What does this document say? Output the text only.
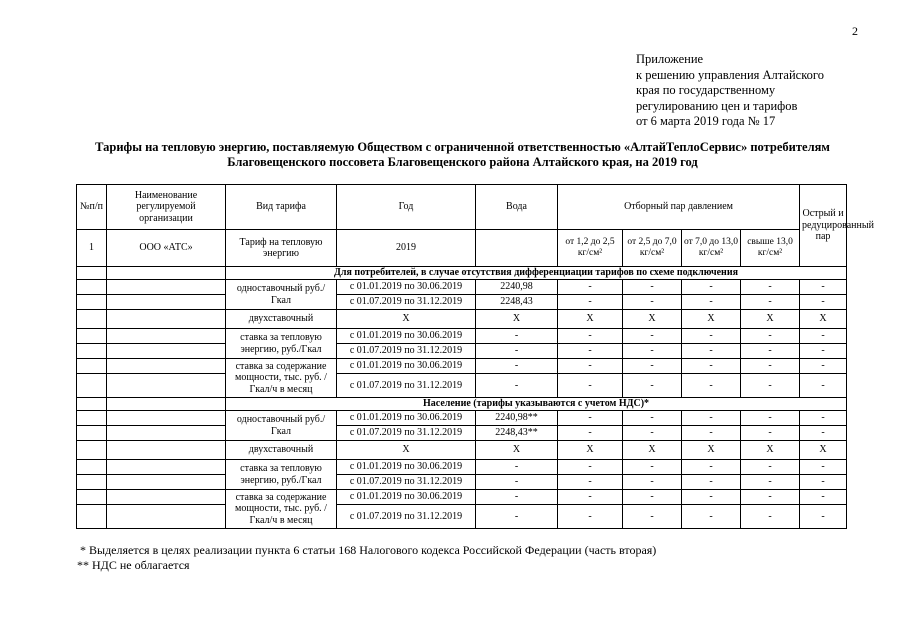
2
Приложение
к решению управления Алтайского
края по государственному
регулированию цен и тарифов
от 6 марта 2019 года № 17
Тарифы на тепловую энергию, поставляемую Обществом с ограниченной ответственностью «АлтайТеплоСервис» потребителям
Благовещенского поссовета Благовещенского района Алтайского края, на 2019 год
№п/п	Наименование регулируемой организации	Вид тарифа	Год	Вода	Отборный пар давлением				Острый и редуцированный пар
1	ООО «АТС»	Тариф на тепловую энергию	2019		от 1,2 до 2,5 кг/см²	от 2,5 до 7,0 кг/см²	от 7,0 до 13,0 кг/см²	свыше 13,0 кг/см²	
		Для потребителей, в случае отсутствия дифференциации тарифов по схеме подключения							
		одноставочный руб./Гкал	с 01.01.2019 по 30.06.2019	2240,98	-	-	-	-	-
			с 01.07.2019 по 31.12.2019	2248,43	-	-	-	-	-
		двухставочный	X	X	X	X	X	X	X
		ставка за тепловую энергию, руб./Гкал	с 01.01.2019 по 30.06.2019	-	-	-	-	-	-
			с 01.07.2019 по 31.12.2019	-	-	-	-	-	-
		ставка за содержание мощности, тыс. руб. /Гкал/ч в месяц	с 01.01.2019 по 30.06.2019	-	-	-	-	-	-
			с 01.07.2019 по 31.12.2019	-	-	-	-	-	-
		Население (тарифы указываются с учетом НДС)*							
		одноставочный руб./Гкал	с 01.01.2019 по 30.06.2019	2240,98**	-	-	-	-	-
			с 01.07.2019 по 31.12.2019	2248,43**	-	-	-	-	-
		двухставочный	X	X	X	X	X	X	X
		ставка за тепловую энергию, руб./Гкал	с 01.01.2019 по 30.06.2019	-	-	-	-	-	-
			с 01.07.2019 по 31.12.2019	-	-	-	-	-	-
		ставка за содержание мощности, тыс. руб. /Гкал/ч в месяц	с 01.01.2019 по 30.06.2019	-	-	-	-	-	-
			с 01.07.2019 по 31.12.2019	-	-	-	-	-	-
* Выделяется в целях реализации пункта 6 статьи 168 Налогового кодекса Российской Федерации (часть вторая)
** НДС не облагается
